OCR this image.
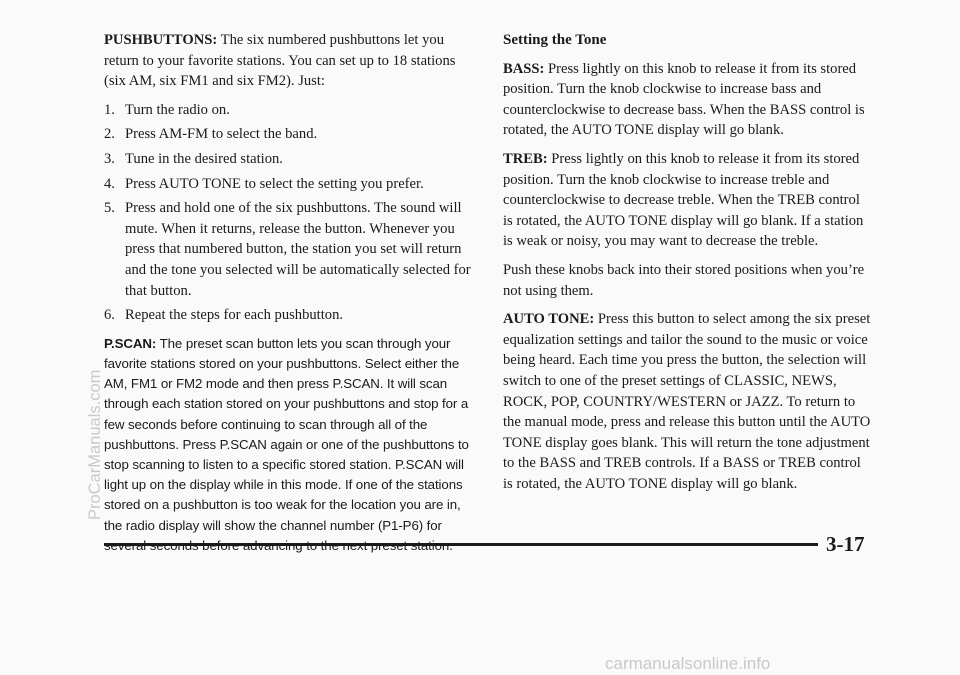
PUSHBUTTONS: The six numbered pushbuttons let you return to your favorite stations. You can set up to 18 stations (six AM, six FM1 and six FM2). Just:

1. Turn the radio on.
2. Press AM-FM to select the band.
3. Tune in the desired station.
4. Press AUTO TONE to select the setting you prefer.
5. Press and hold one of the six pushbuttons. The sound will mute. When it returns, release the button. Whenever you press that numbered button, the station you set will return and the tone you selected will be automatically selected for that button.
6. Repeat the steps for each pushbutton.

P.SCAN: The preset scan button lets you scan through your favorite stations stored on your pushbuttons. Select either the AM, FM1 or FM2 mode and then press P.SCAN. It will scan through each station stored on your pushbuttons and stop for a few seconds before continuing to scan through all of the pushbuttons. Press P.SCAN again or one of the pushbuttons to stop scanning to listen to a specific stored station. P.SCAN will light up on the display while in this mode. If one of the stations stored on a pushbutton is too weak for the location you are in, the radio display will show the channel number (P1-P6) for

Setting the Tone

BASS: Press lightly on this knob to release it from its stored position. Turn the knob clockwise to increase bass and counterclockwise to decrease bass. When the BASS control is rotated, the AUTO TONE display will go blank.

TREB: Press lightly on this knob to release it from its stored position. Turn the knob clockwise to increase treble and counterclockwise to decrease treble. When the TREB control is rotated, the AUTO TONE display will go blank. If a station is weak or noisy, you may want to decrease the treble.

Push these knobs back into their stored positions when you’re not using them.

AUTO TONE: Press this button to select among the six preset equalization settings and tailor the sound to the music or voice being heard. Each time you press the button, the selection will switch to one of the preset settings of CLASSIC, NEWS, ROCK, POP, COUNTRY/WESTERN or JAZZ. To return to the manual mode, press and release this button until the AUTO TONE display goes blank. This will return the tone adjustment to the BASS and TREB controls. If a BASS or TREB control is rotated, the AUTO TONE display will go blank.

3-17
ProCarManuals.com
carmanualsonline.info
